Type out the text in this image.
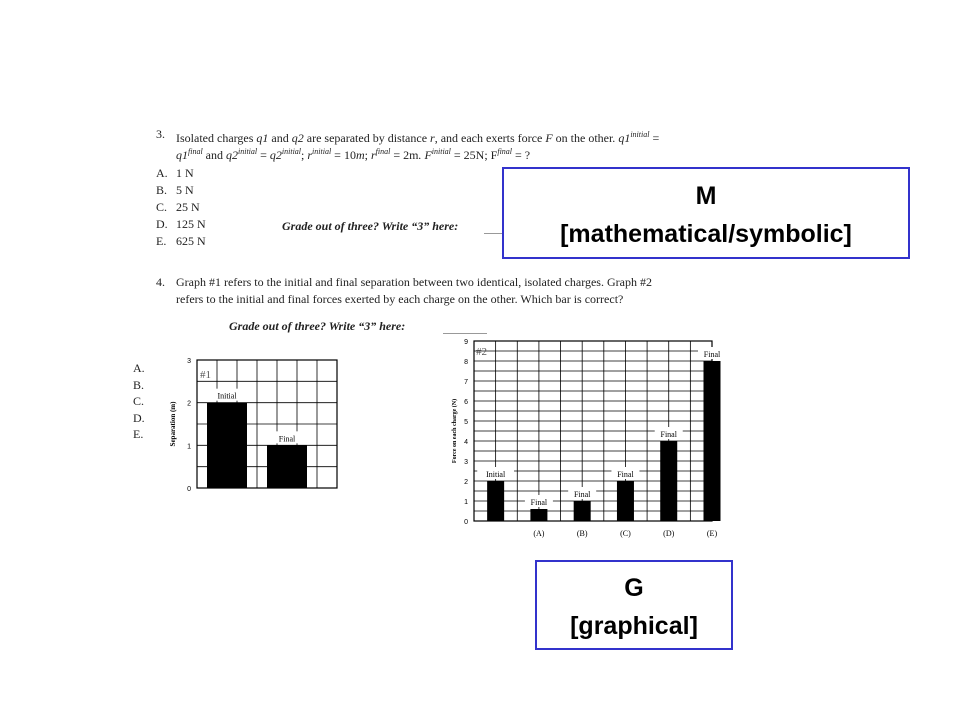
3. Isolated charges q1 and q2 are separated by distance r, and each exerts force F on the other. $q1^{initial}$ =
$q1^{final}$ and $q2^{initial} = q2^{initial}$; $r^{initial} = 10m$; $r^{final} = 2m$. $F^{initial} = 25N$; $F^{final}$ = ?
A. 1 N
B. 5 N
C. 25 N
D. 125 N
E. 625 N
Grade out of three? Write “3” here:
4. Graph #1 refers to the initial and final separation between two identical, isolated charges. Graph #2
refers to the initial and final forces exerted by each charge on the other. Which bar is correct?
Grade out of three? Write “3” here:
A.
B.
C.
D.
E.
0
1
2
3
Separation (m)
#1
Initial
Final
0
1
2
3
4
5
6
7
8
9
Force on each charge (N)
#2
Initial
Final
(A)
Final
(B)
Final
(C)
Final
(D)
Final
(E)
M
[mathematical/symbolic]
G
[graphical]
